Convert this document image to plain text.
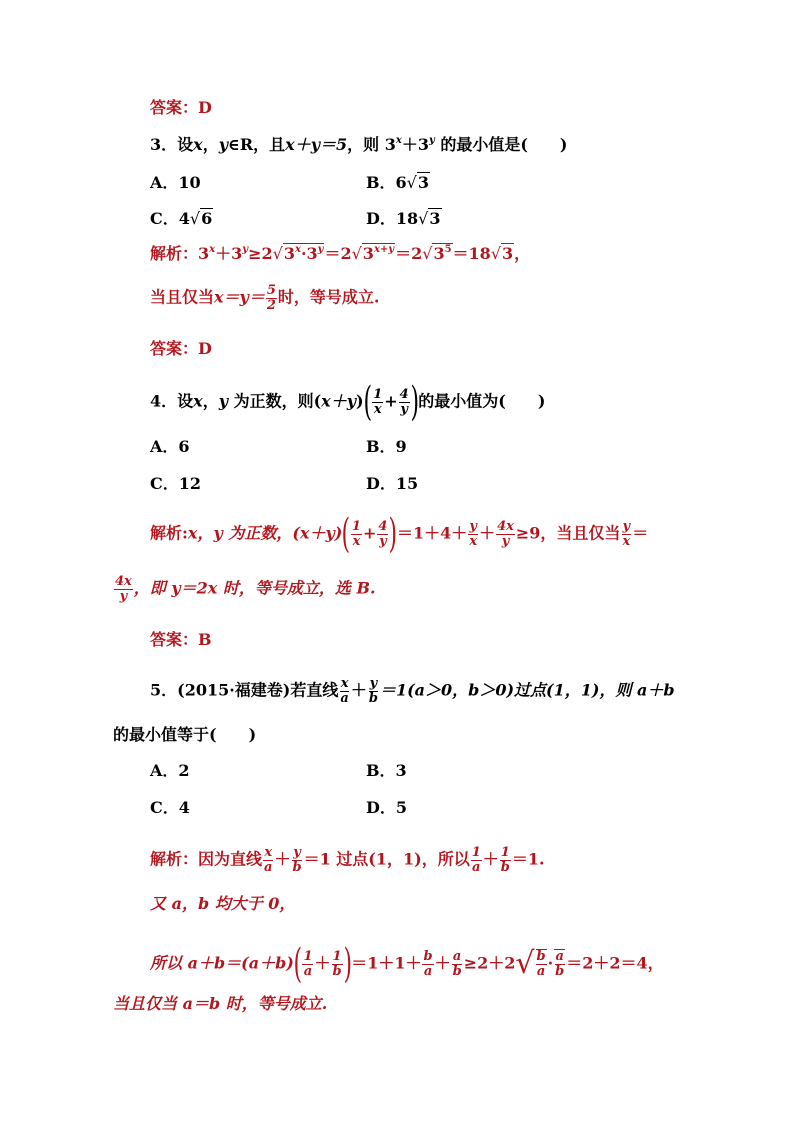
答案：D
3．设x，y∈R，且x＋y＝5，则 $3^x+3^y$ 的最小值是(　　)
A．10	B．6√3
C．4√6	D．18√3
解析：$3^x+3^y\ge 2√3^x\cdot 3^y=2√3^{x+y}=2√3^5=18√3$，
当且仅当$x=y= \frac{5}{2}$ 时，等号成立.
答案：D
4．设x，y 为正数，则$(x+y)( \frac{1}{x} + \frac{4}{y}$ )的最小值为(　　)
A．6	B．9
C．12	D．15
解析:x，y 为正数，$(x+y)( \frac{1}{x} + \frac{4}{y} )=1+4+ \frac{y}{x} + \frac{4x}{y} \ge 9$，当且仅当 $\frac{y}{x}$ ＝
$\frac{4x}{y}$ ，即 y＝2x 时，等号成立，选 B.
答案：B
5．(2015·福建卷)若直线 $\frac{x}{a} + \frac{y}{b} =1(a>0$，b＞0)过点(1，1)，则 a＋b
的最小值等于(　　)
A．2	B．3
C．4	D．5
解析：因为直线 $\frac{x}{a} + \frac{y}{b} =1$ 过点(1，1)，所以 $\frac{1}{a} + \frac{1}{b} =1$.
又 a，b 均大于 0，
所以 $a+b=(a+b)( \frac{1}{a} + \frac{1}{b} )=1+1+ \frac{b}{a} + \frac{a}{b} \ge 2+2√ \frac{b}{a} \cdot \frac{a}{b} =2+2=4$，
当且仅当 a＝b 时，等号成立.
